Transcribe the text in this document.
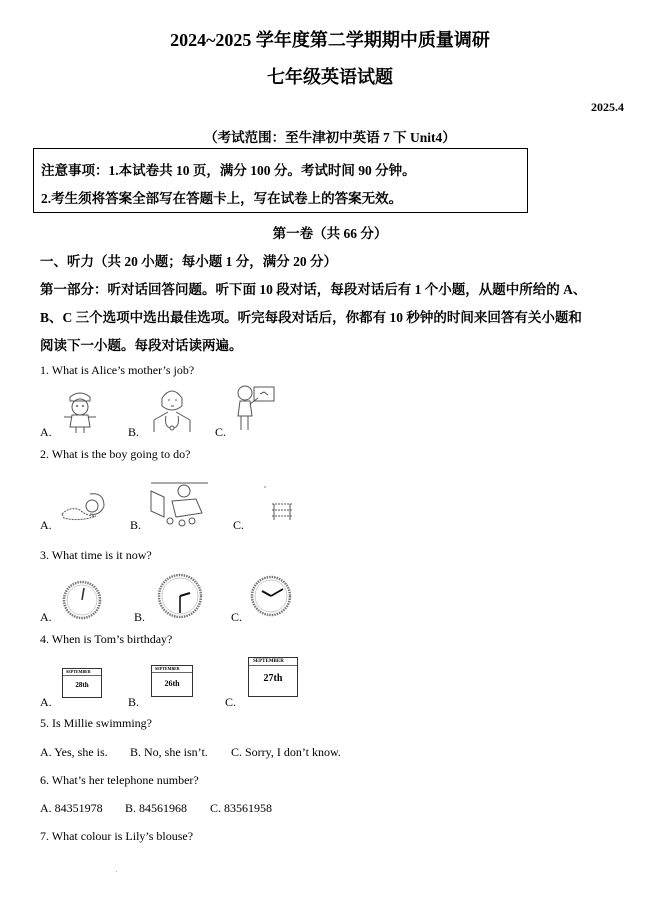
2024~2025 学年度第二学期期中质量调研
七年级英语试题
2025.4
（考试范围：至牛津初中英语 7 下 Unit4）
注意事项：1.本试卷共 10 页，满分 100 分。考试时间 90 分钟。
2.考生须将答案全部写在答题卡上，写在试卷上的答案无效。
第一卷（共 66 分）
一、听力（共 20 小题；每小题 1 分，满分 20 分）
第一部分：听对话回答问题。听下面 10 段对话，每段对话后有 1 个小题，从题中所给的 A、
B、C 三个选项中选出最佳选项。听完每段对话后，你都有 10 秒钟的时间来回答有关小题和
阅读下一小题。每段对话读两遍。
1. What is Alice’s mother’s job?
A.	B.	C.
2. What is the boy going to do?
A.	B.	C.
3. What time is it now?
A.	B.	C.
4. When is Tom’s birthday?
A.
SEPTEMBER
28th
B.
SEPTEMBER
26th
C.
SEPTEMBER
27th
5. Is Millie swimming?
A. Yes, she is. B. No, she isn’t. C. Sorry, I don’t know.
6. What’s her telephone number?
A. 84351978 B. 84561968 C. 83561958
7. What colour is Lily’s blouse?
